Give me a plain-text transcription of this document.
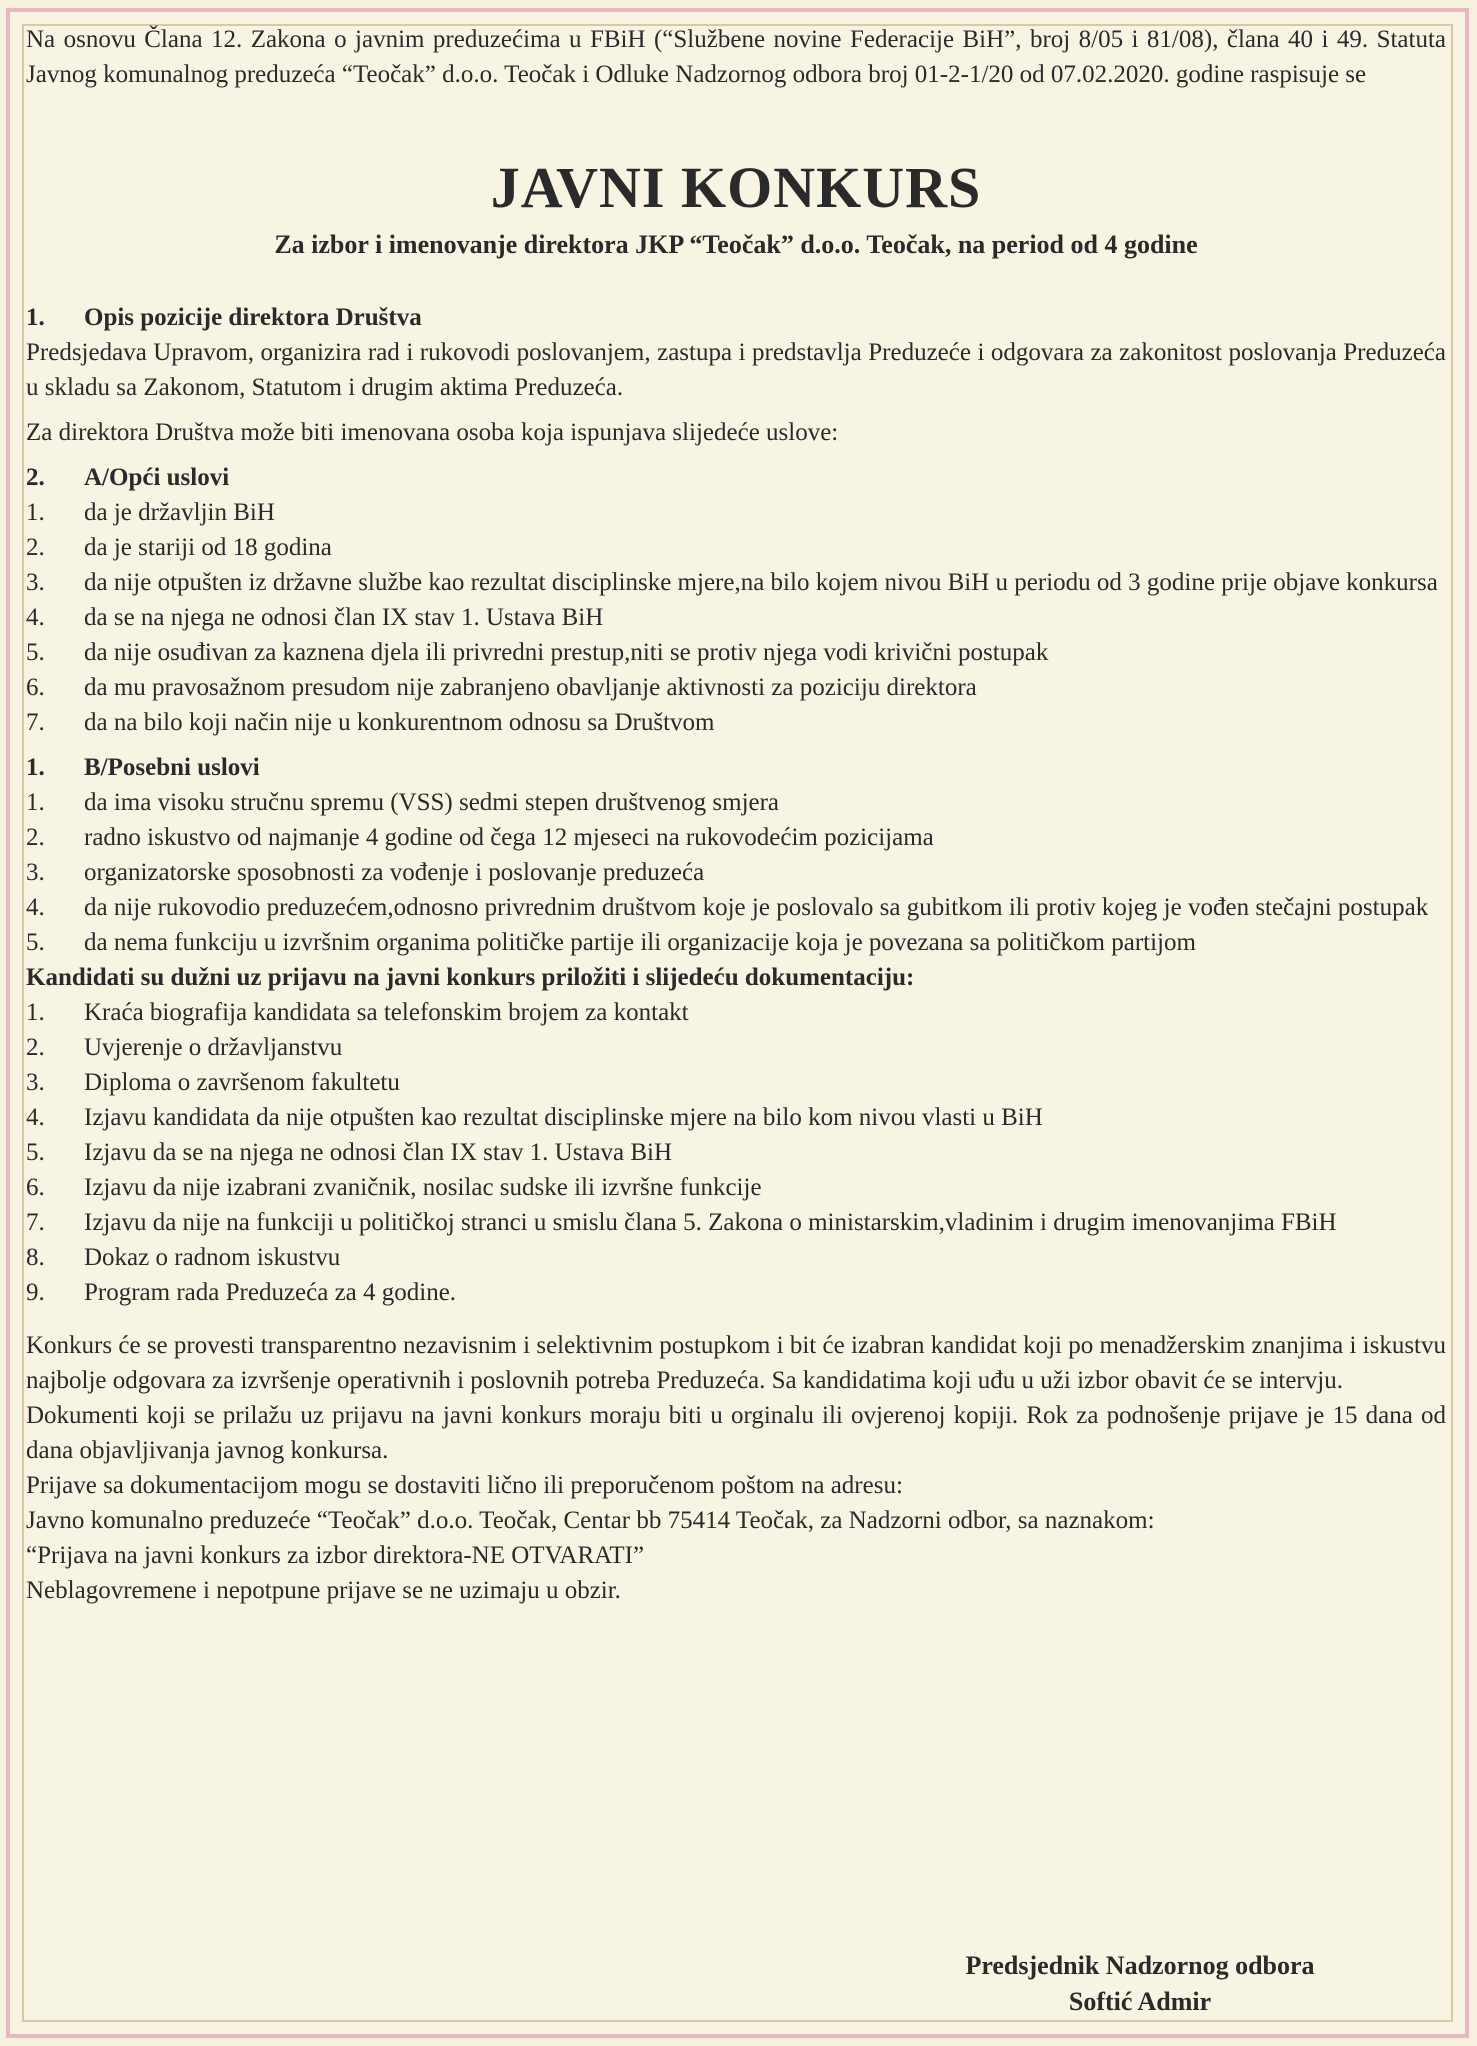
Na osnovu Člana 12. Zakona o javnim preduzećima u FBiH (“Službene novine Federacije BiH”, broj 8/05 i 81/08), člana 40 i 49. Statuta Javnog komunalnog preduzeća “Teočak” d.o.o. Teočak i Odluke Nadzornog odbora broj 01-2-1/20 od 07.02.2020. godine raspisuje se

JAVNI KONKURS
Za izbor i imenovanje direktora JKP “Teočak” d.o.o. Teočak, na period od 4 godine
1. Opis pozicije direktora Društva

Predsjedava Upravom, organizira rad i rukovodi poslovanjem, zastupa i predstavlja Preduzeće i odgovara za zakonitost poslovanja Preduzeća u skladu sa Zakonom, Statutom i drugim aktima Preduzeća.

Za direktora Društva može biti imenovana osoba koja ispunjava slijedeće uslove:

2. A/Opći uslovi
1.	da je državljin BiH
2.	da je stariji od 18 godina
3.	da nije otpušten iz državne službe kao rezultat disciplinske mjere,na bilo kojem nivou BiH u periodu od 3 godine prije objave konkursa
4.	da se na njega ne odnosi član IX stav 1. Ustava BiH
5.	da nije osuđivan za kaznena djela ili privredni prestup,niti se protiv njega vodi krivični postupak
6.	da mu pravosažnom presudom nije zabranjeno obavljanje aktivnosti za poziciju direktora
7.	da na bilo koji način nije u konkurentnom odnosu sa Društvom
1. B/Posebni uslovi
1.	da ima visoku stručnu spremu (VSS) sedmi stepen društvenog smjera
2.	radno iskustvo od najmanje 4 godine od čega 12 mjeseci na rukovodećim pozicijama
3.	organizatorske sposobnosti za vođenje i poslovanje preduzeća
4.	da nije rukovodio preduzećem,odnosno privrednim društvom koje je poslovalo sa gubitkom ili protiv kojeg je vođen stečajni postupak
5.	da nema funkciju u izvršnim organima političke partije ili organizacije koja je povezana sa političkom partijom
Kandidati su dužni uz prijavu na javni konkurs priložiti i slijedeću dokumentaciju:
1.	Kraća biografija kandidata sa telefonskim brojem za kontakt
2.	Uvjerenje o državljanstvu
3.	Diploma o završenom fakultetu
4.	Izjavu kandidata da nije otpušten kao rezultat disciplinske mjere na bilo kom nivou vlasti u BiH
5.	Izjavu da se na njega ne odnosi član IX stav 1. Ustava BiH
6.	Izjavu da nije izabrani zvaničnik, nosilac sudske ili izvršne funkcije
7.	Izjavu da nije na funkciji u političkoj stranci u smislu člana 5. Zakona o ministarskim,vladinim i drugim imenovanjima FBiH
8.	Dokaz o radnom iskustvu
9.	Program rada Preduzeća za 4 godine.

Konkurs će se provesti transparentno nezavisnim i selektivnim postupkom i bit će izabran kandidat koji po menadžerskim znanjima i iskustvu najbolje odgovara za izvršenje operativnih i poslovnih potreba Preduzeća. Sa kandidatima koji uđu u uži izbor obavit će se intervju.

Dokumenti koji se prilažu uz prijavu na javni konkurs moraju biti u orginalu ili ovjerenoj kopiji. Rok za podnošenje prijave je 15 dana od dana objavljivanja javnog konkursa.

Prijave sa dokumentacijom mogu se dostaviti lično ili preporučenom poštom na adresu:

Javno komunalno preduzeće “Teočak” d.o.o. Teočak, Centar bb 75414 Teočak, za Nadzorni odbor, sa naznakom:

“Prijava na javni konkurs za izbor direktora-NE OTVARATI”

Neblagovremene i nepotpune prijave se ne uzimaju u obzir.

Predsjednik Nadzornog odbora
Softić Admir
